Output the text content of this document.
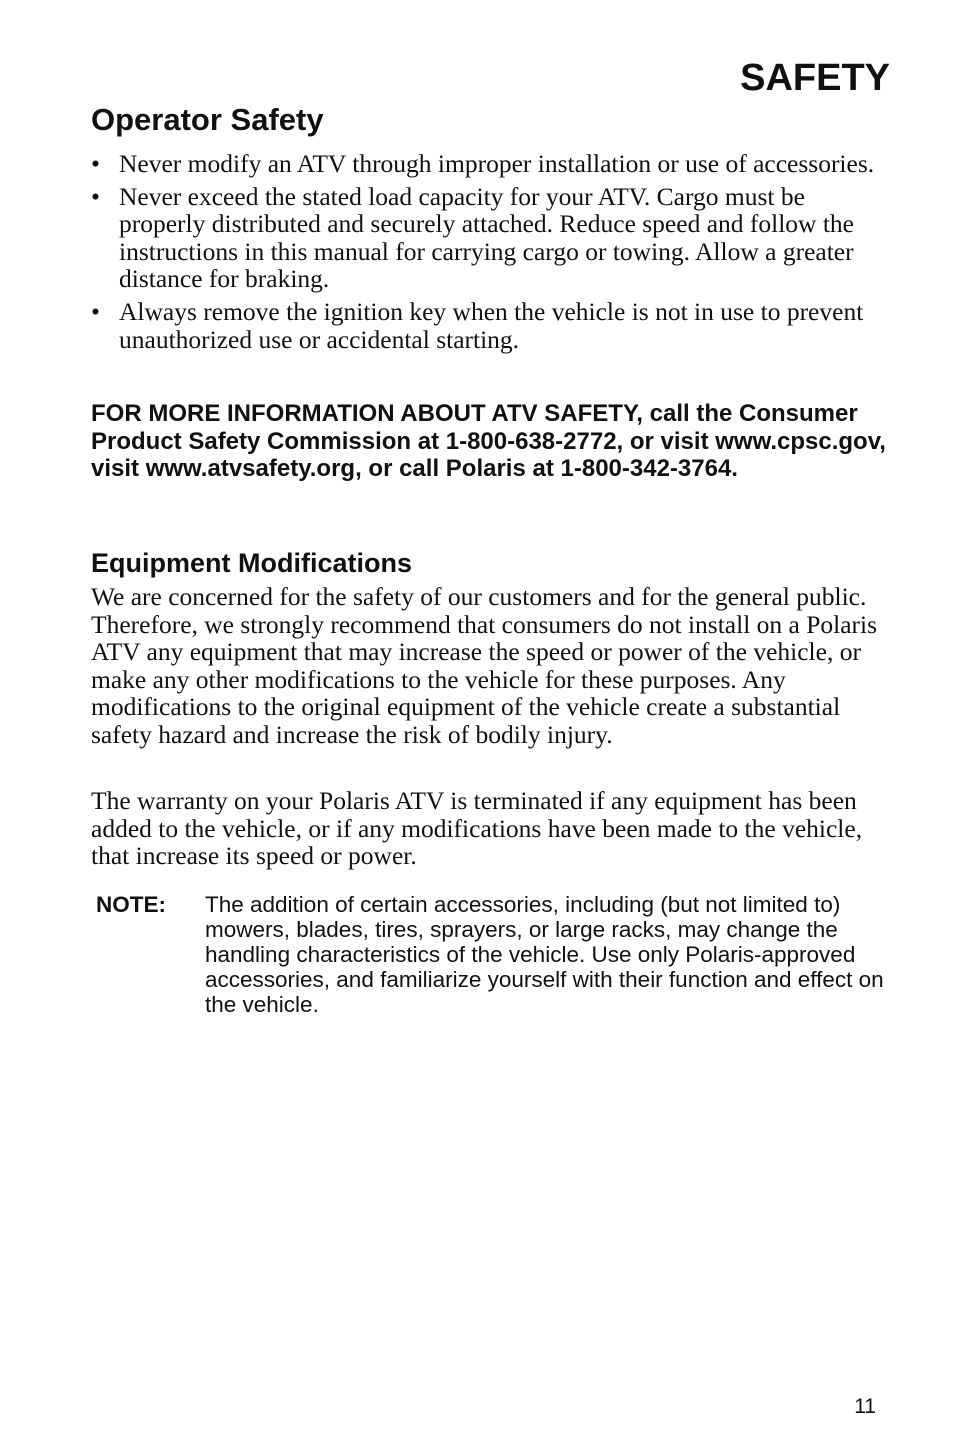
SAFETY
Operator Safety
• Never modify an ATV through improper installation or use of accessories.
• Never exceed the stated load capacity for your ATV. Cargo must be properly distributed and securely attached. Reduce speed and follow the instructions in this manual for carrying cargo or towing. Allow a greater distance for braking.
• Always remove the ignition key when the vehicle is not in use to prevent unauthorized use or accidental starting.

FOR MORE INFORMATION ABOUT ATV SAFETY, call the Consumer Product Safety Commission at 1-800-638-2772, or visit www.cpsc.gov, visit www.atvsafety.org, or call Polaris at 1-800-342-3764.

Equipment Modifications

We are concerned for the safety of our customers and for the general public. Therefore, we strongly recommend that consumers do not install on a Polaris ATV any equipment that may increase the speed or power of the vehicle, or make any other modifications to the vehicle for these purposes. Any modifications to the original equipment of the vehicle create a substantial safety hazard and increase the risk of bodily injury.

The warranty on your Polaris ATV is terminated if any equipment has been added to the vehicle, or if any modifications have been made to the vehicle, that increase its speed or power.

NOTE: The addition of certain accessories, including (but not limited to) mowers, blades, tires, sprayers, or large racks, may change the handling characteristics of the vehicle. Use only Polaris-approved accessories, and familiarize yourself with their function and effect on the vehicle.
11
